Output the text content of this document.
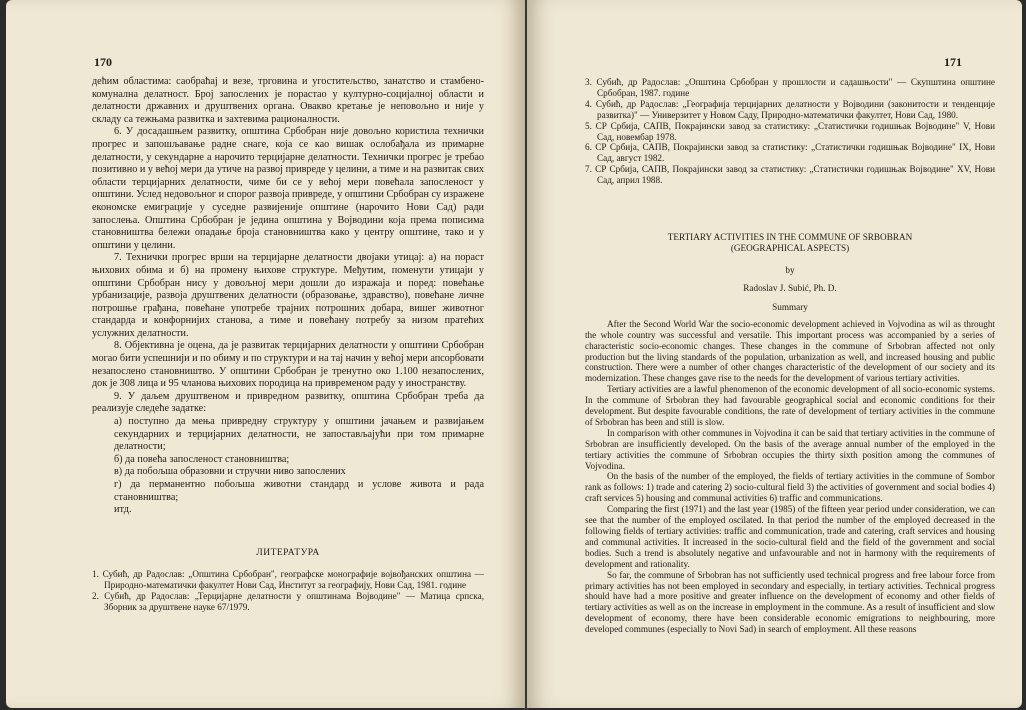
170

дећим областима: саобраћај и везе, трговина и угоститељство, занатство и стамбено-комунална делатност. Број запослених је порастао у културно-социјалној области и делатности државних и друштвених органа. Овакво кретање је неповољно и није у складу са тежњама развитка и захтевима рационалности.

6. У досадашњем развитку, општина Србобран није довољно користила технички прогрес и запошљавање радне снаге, која се као вишак ослобађала из примарне делатности, у секундарне а нарочито терцијарне делатности. Технички прогрес је требао позитивно и у већој мери да утиче на развој привреде у целини, а тиме и на развитак свих области терцијарних делатности, чиме би се у већој мери повећала запосленост у општини. Услед недовољног и спорог развоја привреде, у општини Србобран су изражене економске емиграције у суседне развијеније општине (нарочито Нови Сад) ради запослења. Општина Србобран је једина општина у Војводини која према пописима становништва бележи опадање броја становништва како у центру општине, тако и у општини у целини.

7. Технички прогрес врши на терцијарне делатности двојаки утицај: а) на пораст њихових обима и б) на промену њихове структуре. Међутим, поменути утицаји у општини Србобран нису у довољној мери дошли до изражаја и поред: повећање урбанизације, развоја друштвених делатности (образовање, здравство), повећане личне потрошње грађана, повећане употребе трајних потрошних добара, вишег животног стандарда и конфорнијих станова, а тиме и повећану потребу за низом пратећих услужних делатности.

8. Објективна је оцена, да је развитак терцијарних делатности у општини Србобран могао бити успешнији и по обиму и по структури и на тај начин у већој мери апсорбовати незапослено становништво. У општини Србобран је тренутно око 1.100 незапослених, док је 308 лица и 95 чланова њихових породица на привременом раду у иностранству.

9. У даљем друштвеном и привредном развитку, општина Србобран треба да реализује следеће задатке:

а) поступно да мења привредну структуру у општини јачањем и развијањем секундарних и терцијарних делатности, не запостављајући при том примарне делатности;

б) да повећа запосленост становништва;

в) да побољша образовни и стручни ниво запослених

г) да перманентно побољша животни стандард и услове живота и рада становништва;

итд.

ЛИТЕРАТУРА

1. Субић, др Радослав: „Општина Србобран", географске монографије војвођанских општина — Природно-математички факултет Нови Сад, Институт за географију, Нови Сад, 1981. године

2. Субић, др Радослав: „Терцијарне делатности у општинама Војводине" — Матица српска, Зборник за друштвене науке 67/1979.

171

3. Субић, др Радослав: „Општина Србобран у прошлости и садашњости" — Скупштина општине Србобран, 1987. године

4. Субић, др Радослав: „Географија терцијарних делатности у Војводини (законитости и тенденције развитка)" — Универзитет у Новом Саду, Природно-математички факултет, Нови Сад, 1980.

5. СР Србија, САПВ, Покрајински завод за статистику: „Статистички годишњак Војводине" V, Нови Сад, новембар 1978.

6. СР Србија, САПВ, Покрајински завод за статистику: „Статистички годишњак Војводине" IX, Нови Сад, август 1982.

7. СР Србија, САПВ, Покрајински завод за статистику: „Статистички годишњак Војводине" XV, Нови Сад, април 1988.

TERTIARY ACTIVITIES IN THE COMMUNE OF SRBOBRAN
(GEOGRAPHICAL ASPECTS)
by
Radoslav J. Subić, Ph. D.
Summary

After the Second World War the socio-economic development achieved in Vojvodina as wil as throught the whole country was successful and versatile. This important process was accompanied by a series of characteristic socio-economic changes. These changes in the commune of Srbobran affected not only production but the living standards of the population, urbanization as well, and increased housing and public construction. There were a number of other changes characteristic of the development of our society and its modernization. These changes gave rise to the needs for the development of various tertiary activities.

Tertiary activities are a lawful phenomenon of the economic development of all socio-economic systems. In the commune of Srbobran they had favourable geographical social and economic conditions for their development. But despite favourable conditions, the rate of development of tertiary activities in the commune of Srbobran has been and still is slow.

In comparison with other communes in Vojvodina it can be said that tertiary activities in the commune of Srbobran are insufficiently developed. On the basis of the average annual number of the employed in the tertiary activities the commune of Srbobran occupies the thirty sixth position among the communes of Vojvodina.

On the basis of the number of the employed, the fields of tertiary activities in the commune of Sombor rank as follows: 1) trade and catering 2) socio-cultural field 3) the activities of government and social bodies 4) craft services 5) housing and communal activities 6) traffic and communications.

Comparing the first (1971) and the last year (1985) of the fifteen year period under consideration, we can see that the number of the employed oscilated. In that period the number of the employed decreased in the following fields of tertiary activities: traffic and communication, trade and catering, craft services and housing and communal activities. It increased in the socio-cultural field and the field of the government and social bodies. Such a trend is absolutely negative and unfavourable and not in harmony with the requirements of development and rationality.

So far, the commune of Srbobran has not sufficiently used technical progress and free labour force from primary activities has not been employed in secondary and especially, in tertiary activities. Technical progress should have had a more positive and greater influence on the development of economy and other fields of tertiary activities as well as on the increase in employment in the commune. As a result of insufficient and slow development of economy, there have been considerable economic emigrations to neighbouring, more developed communes (especially to Novi Sad) in search of employment. All these reasons
